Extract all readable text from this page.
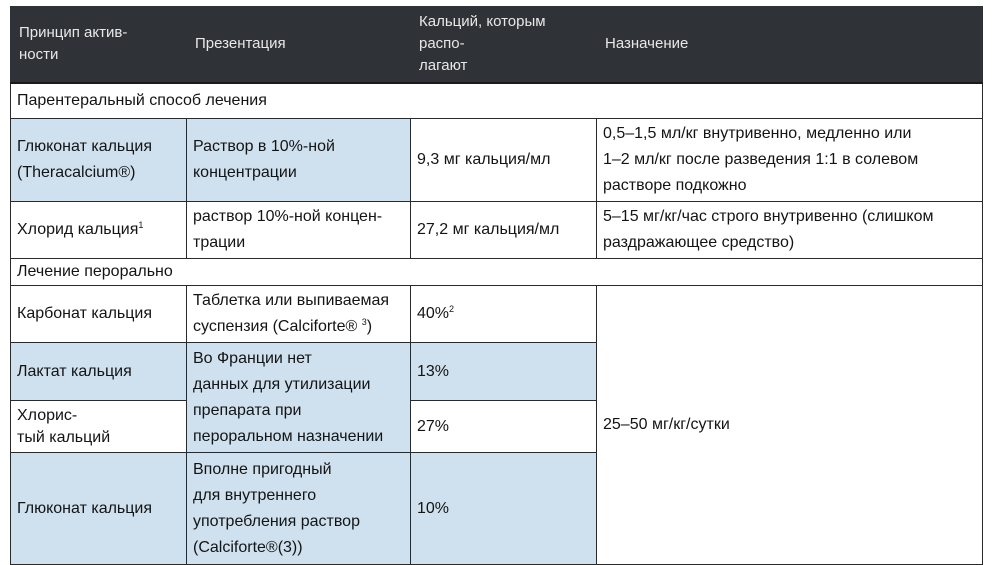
Принцип актив-
ности	Презентация	Кальций, которым
распо-
лагают	Назначение
Парентеральный способ лечения			
Глюконат кальция
(Theracalcium®)	Раствор в 10%-ной
концентрации	9,3 мг кальция/мл	0,5–1,5 мл/кг внутривенно, медленно или
1–2 мл/кг после разведения 1:1 в солевом
растворе подкожно
Хлорид кальция$^1$	раствор 10%-ной концен-
трации	27,2 мг кальция/мл	5–15 мг/кг/час строго внутривенно (слишком
раздражающее средство)
Лечение перорально			
Карбонат кальция	Таблетка или выпиваемая
суспензия (Calciforte® $^3$)	40%$^2$	25–50 мг/кг/сутки
Лактат кальция	Во Франции нет
данных для утилизации
препарата при
пероральном назначении	13%	
Хлорис-
тый кальций		27%	
Глюконат кальция	Вполне пригодный
для внутреннего
употребления раствор
(Calciforte®(3))	10%	
